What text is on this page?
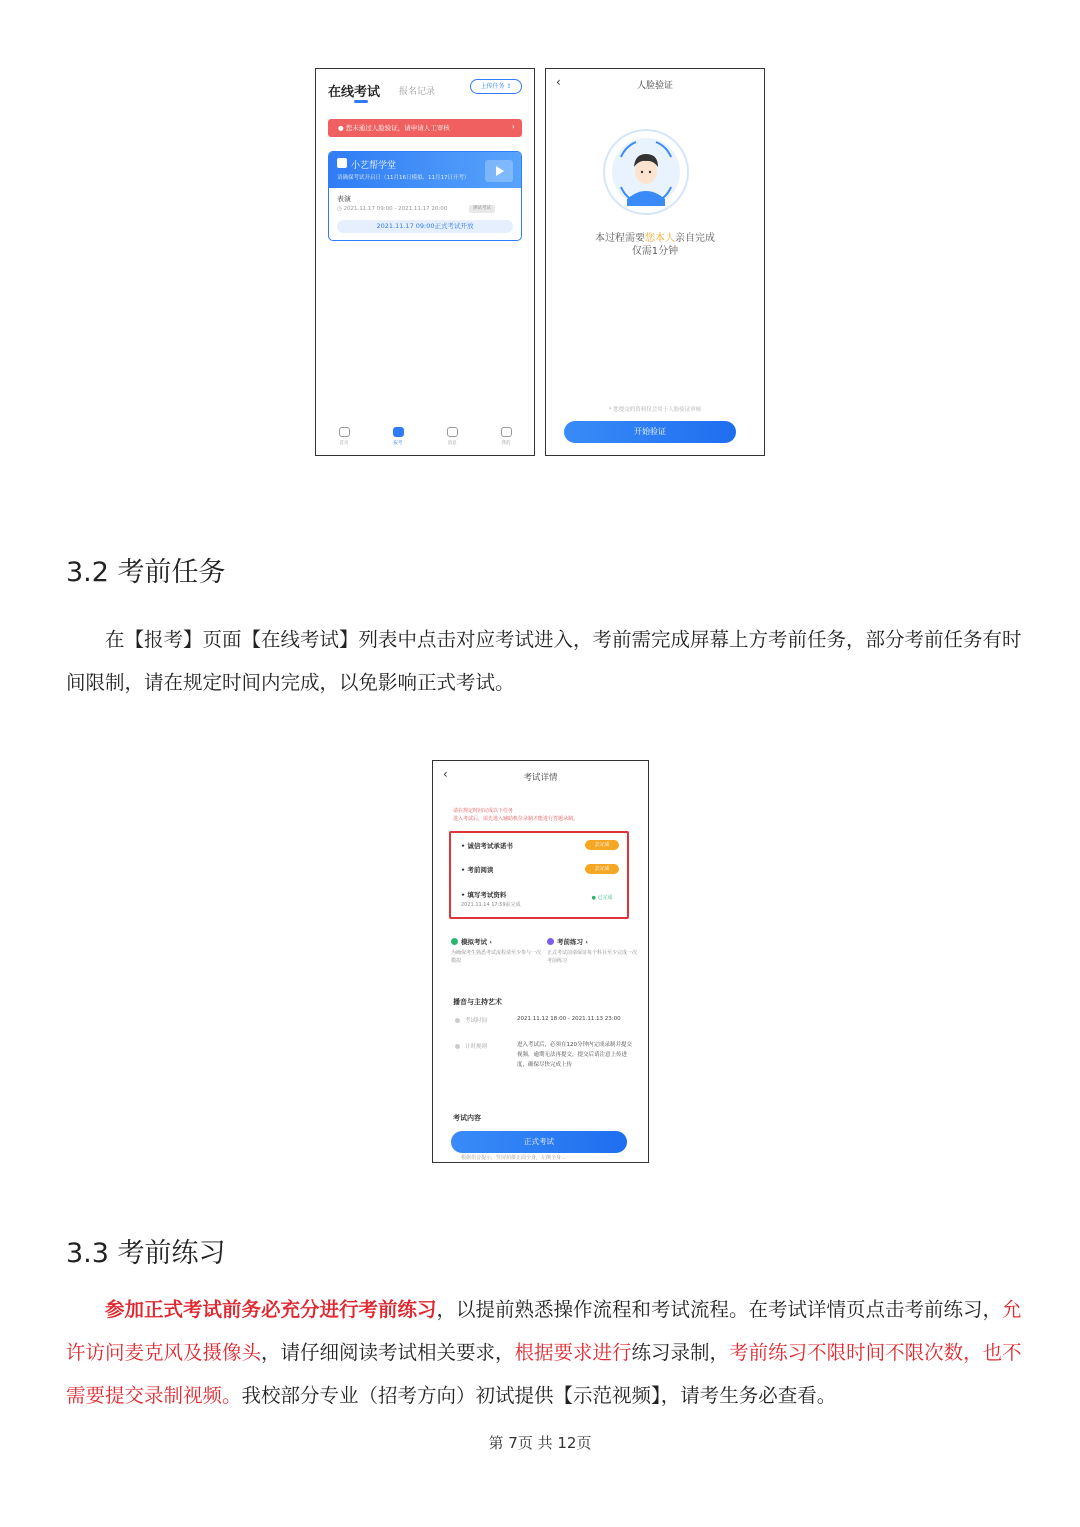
在线考试 报名记录
上传任务 ⇪
● 您未通过人脸验证，请申请人工审核	›
小艺帮学堂
请确保考试开启日（11月16日模拟、11月17日开考）
表演
◷ 2021.11.17 09:00 - 2021.11.17 20:00	测试考试
2021.11.17 09:00正式考试开放
首页	报考	消息	我的
‹	人脸验证
本过程需要您本人亲自完成
仅需1分钟
* 您提交的资料仅会用于人脸验证审核
开始验证
3.2 考前任务
在【报考】页面【在线考试】列表中点击对应考试进入，考前需完成屏幕上方考前任务，部分考前任务有时间限制，请在规定时间内完成，以免影响正式考试。
‹	考试详情
请在规定时间完成以下任务
进入考试后，需先进入辅助机位录制才能进行答题录制。
• 诚信考试承诺书	去完成
• 考前阅读	去完成
• 填写考试资料
2021.11.14 17:59前完成
● 已完成
模拟考试 ›
为确保考生熟悉考试流程请至少参与一次模拟
考前练习 ›
正式考试前请保证每个科目至少完成一次考前练习
播音与主持艺术
考试时间	2021.11.12 18:00 - 2021.11.13 23:00
计时规则	进入考试后，必须在120分钟内完成录制并提交视频，逾期无法再提交，提交后请注意上传进度，确保尽快完成上传
考试内容
正式考试
根据语音提示，竖屏拍摄正面全身，左侧全身...
3.3 考前练习
参加正式考试前务必充分进行考前练习，以提前熟悉操作流程和考试流程。在考试详情页点击考前练习，允许访问麦克风及摄像头，请仔细阅读考试相关要求，根据要求进行练习录制，考前练习不限时间不限次数，也不需要提交录制视频。我校部分专业（招考方向）初试提供【示范视频】，请考生务必查看。
第 7页 共 12页
